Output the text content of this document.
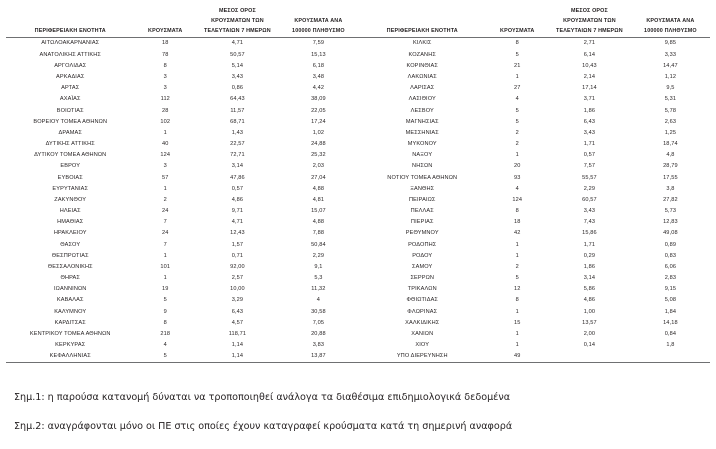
		ΜΕΣΟΣ ΟΡΟΣ	
		ΚΡΟΥΣΜΑΤΩΝ ΤΩΝ	ΚΡΟΥΣΜΑΤΑ ΑΝΑ
ΠΕΡΙΦΕΡΕΙΑΚΗ ΕΝΟΤΗΤΑ	ΚΡΟΥΣΜΑΤΑ	ΤΕΛΕΥΤΑΙΩΝ 7 ΗΜΕΡΩΝ	100000 ΠΛΗΘΥΣΜΟ
ΑΙΤΩΛΟΑΚΑΡΝΑΝΙΑΣ	18	4,71	7,59
ΑΝΑΤΟΛΙΚΗΣ ΑΤΤΙΚΗΣ	78	50,57	15,13
ΑΡΓΟΛΙΔΑΣ	8	5,14	6,18
ΑΡΚΑΔΙΑΣ	3	3,43	3,48
ΑΡΤΑΣ	3	0,86	4,42
ΑΧΑΪΑΣ	112	64,43	38,09
ΒΟΙΩΤΙΑΣ	28	11,57	22,05
ΒΟΡΕΙΟΥ ΤΟΜΕΑ ΑΘΗΝΩΝ	102	68,71	17,24
ΔΡΑΜΑΣ	1	1,43	1,02
ΔΥΤΙΚΗΣ ΑΤΤΙΚΗΣ	40	22,57	24,88
ΔΥΤΙΚΟΥ ΤΟΜΕΑ ΑΘΗΝΩΝ	124	72,71	25,32
ΕΒΡΟΥ	3	3,14	2,03
ΕΥΒΟΙΑΣ	57	47,86	27,04
ΕΥΡΥΤΑΝΙΑΣ	1	0,57	4,88
ΖΑΚΥΝΘΟΥ	2	4,86	4,81
ΗΛΕΙΑΣ	24	9,71	15,07
ΗΜΑΘΙΑΣ	7	4,71	4,88
ΗΡΑΚΛΕΙΟΥ	24	12,43	7,88
ΘΑΣΟΥ	7	1,57	50,84
ΘΕΣΠΡΩΤΙΑΣ	1	0,71	2,29
ΘΕΣΣΑΛΟΝΙΚΗΣ	101	92,00	9,1
ΘΗΡΑΣ	1	2,57	5,3
ΙΩΑΝΝΙΝΩΝ	19	10,00	11,32
ΚΑΒΑΛΑΣ	5	3,29	4
ΚΑΛΥΜΝΟΥ	9	6,43	30,58
ΚΑΡΔΙΤΣΑΣ	8	4,57	7,05
ΚΕΝΤΡΙΚΟΥ ΤΟΜΕΑ ΑΘΗΝΩΝ	218	118,71	20,88
ΚΕΡΚΥΡΑΣ	4	1,14	3,83
ΚΕΦΑΛΛΗΝΙΑΣ	5	1,14	13,87
		ΜΕΣΟΣ ΟΡΟΣ	
		ΚΡΟΥΣΜΑΤΩΝ ΤΩΝ	ΚΡΟΥΣΜΑΤΑ ΑΝΑ
ΠΕΡΙΦΕΡΕΙΑΚΗ ΕΝΟΤΗΤΑ	ΚΡΟΥΣΜΑΤΑ	ΤΕΛΕΥΤΑΙΩΝ 7 ΗΜΕΡΩΝ	100000 ΠΛΗΘΥΣΜΟ
ΚΙΛΚΙΣ	8	2,71	9,85
ΚΟΖΑΝΗΣ	5	6,14	3,33
ΚΟΡΙΝΘΙΑΣ	21	10,43	14,47
ΛΑΚΩΝΙΑΣ	1	2,14	1,12
ΛΑΡΙΣΑΣ	27	17,14	9,5
ΛΑΣΙΘΙΟΥ	4	3,71	5,31
ΛΕΣΒΟΥ	5	1,86	5,78
ΜΑΓΝΗΣΙΑΣ	5	6,43	2,63
ΜΕΣΣΗΝΙΑΣ	2	3,43	1,25
ΜΥΚΟΝΟΥ	2	1,71	18,74
ΝΑΞΟΥ	1	0,57	4,8
ΝΗΣΩΝ	20	7,57	28,79
ΝΟΤΙΟΥ ΤΟΜΕΑ ΑΘΗΝΩΝ	93	55,57	17,55
ΞΑΝΘΗΣ	4	2,29	3,8
ΠΕΙΡΑΙΩΣ	124	60,57	27,82
ΠΕΛΛΑΣ	8	3,43	5,73
ΠΙΕΡΙΑΣ	18	7,43	12,83
ΡΕΘΥΜΝΟΥ	42	15,86	49,08
ΡΟΔΟΠΗΣ	1	1,71	0,89
ΡΟΔΟΥ	1	0,29	0,83
ΣΑΜΟΥ	2	1,86	6,06
ΣΕΡΡΩΝ	5	3,14	2,83
ΤΡΙΚΑΛΩΝ	12	5,86	9,15
ΦΘΙΩΤΙΔΑΣ	8	4,86	5,08
ΦΛΩΡΙΝΑΣ	1	1,00	1,84
ΧΑΛΚΙΔΙΚΗΣ	15	13,57	14,18
ΧΑΝΙΩΝ	1	2,00	0,84
ΧΙΟΥ	1	0,14	1,8
ΥΠΟ ΔΙΕΡΕΥΝΗΣΗ	49		

Σημ.1: η παρούσα κατανομή δύναται να τροποποιηθεί ανάλογα τα διαθέσιμα επιδημιολογικά δεδομένα

Σημ.2: αναγράφονται μόνο οι ΠΕ στις οποίες έχουν καταγραφεί κρούσματα κατά τη σημερινή αναφορά
